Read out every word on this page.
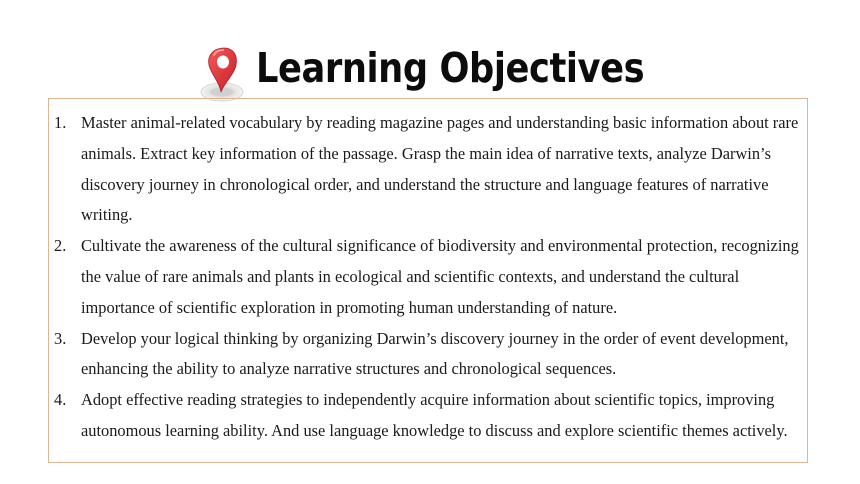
Learning Objectives
1. Master animal-related vocabulary by reading magazine pages and understanding basic information about rare animals. Extract key information of the passage. Grasp the main idea of narrative texts, analyze Darwin’s discovery journey in chronological order, and understand the structure and language features of narrative writing.
2. Cultivate the awareness of the cultural significance of biodiversity and environmental protection, recognizing the value of rare animals and plants in ecological and scientific contexts, and understand the cultural importance of scientific exploration in promoting human understanding of nature.
3. Develop your logical thinking by organizing Darwin’s discovery journey in the order of event development, enhancing the ability to analyze narrative structures and chronological sequences.
4. Adopt effective reading strategies to independently acquire information about scientific topics, improving autonomous learning ability. And use language knowledge to discuss and explore scientific themes actively.
